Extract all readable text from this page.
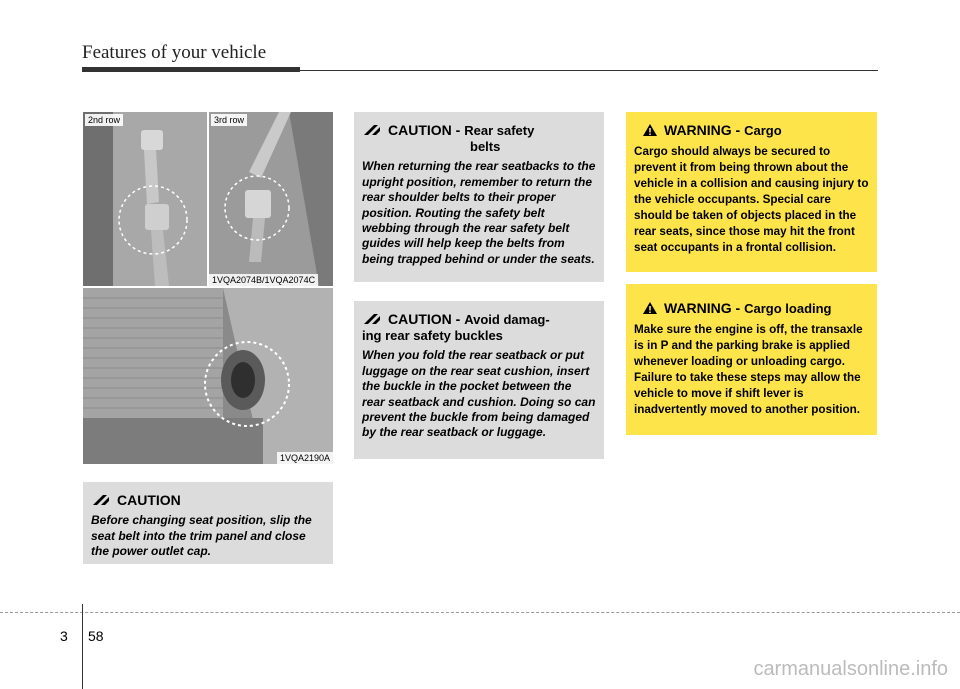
Features of your vehicle
2nd row	3rd row
1VQA2074B/1VQA2074C
1VQA2190A
CAUTION - Rear safety
belts
When returning the rear seatbacks to the upright position, remember to return the rear shoulder belts to their proper position. Routing the safety belt webbing through the rear safety belt guides will help keep the belts from being trapped behind or under the seats.
CAUTION - Avoid damag-
ing rear safety buckles
When you fold the rear seatback or put luggage on the rear seat cushion, insert the buckle in the pocket between the rear seatback and cushion. Doing so can prevent the buckle from being damaged by the rear seatback or luggage.
CAUTION
Before changing seat position, slip the seat belt into the trim panel and close the power outlet cap.
WARNING - Cargo
Cargo should always be secured to prevent it from being thrown about the vehicle in a collision and causing injury to the vehicle occupants. Special care should be taken of objects placed in the rear seats, since those may hit the front seat occupants in a frontal collision.
WARNING - Cargo loading
Make sure the engine is off, the transaxle is in P and the parking brake is applied whenever loading or unloading cargo. Failure to take these steps may allow the vehicle to move if shift lever is inadvertently moved to another position.
3 58
carmanualsonline.info
